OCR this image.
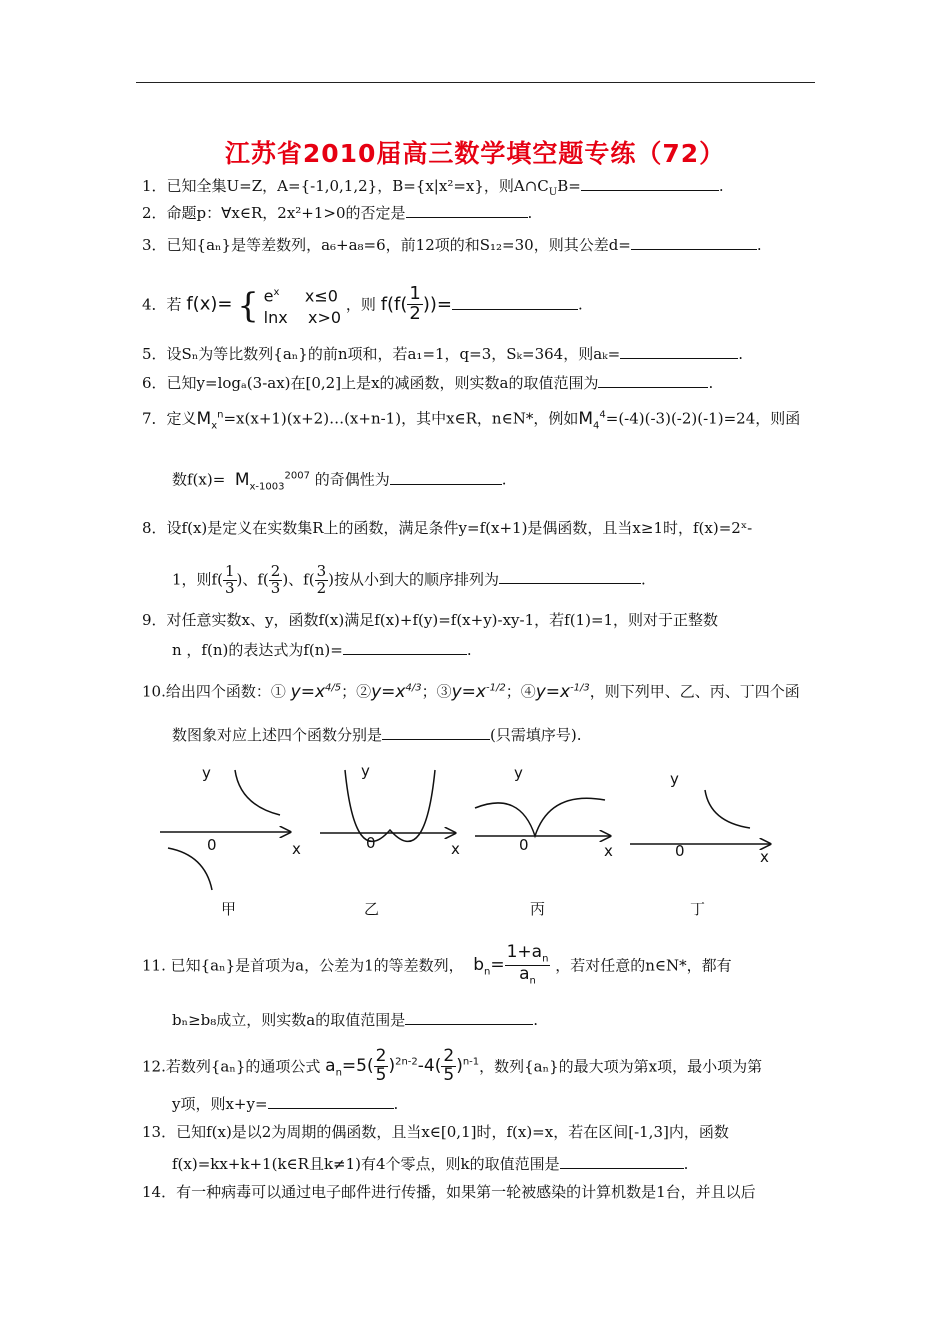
江苏省2010届高三数学填空题专练（72）
1．已知全集U=Z，A={-1,0,1,2}，B={x|x²=x}，则$A\cap C_UB=$	.
2．命题p：∀x∈R，2x²+1>0的否定是	.
3．已知{aₙ}是等差数列，a₆+a₈=6，前12项的和S₁₂=30，则其公差d=	.
4．若 f(x)= { $e^x$     x≤0
lnx    x>0
，则 $f(f( \frac{1}{2}$ ))=	.
5．设Sₙ为等比数列{aₙ}的前n项和，若a₁=1，q=3，Sₖ=364，则aₖ=	.
6．已知y=logₐ(3-ax)在[0,2]上是x的减函数，则实数a的取值范围为	.
7．定义$M_x^n=x(x+1)(x+2)\dots(x+n-1)$，其中x∈R，n∈N*，例如$M_4^4=(-4)(-3)(-2)(-1)=24$，则函
数$f(x)= M_{x-1003}^{2007}$ 的奇偶性为	.
8．设f(x)是定义在实数集R上的函数，满足条件y=f(x+1)是偶函数，且当x≥1时，f(x)=2ˣ-
1，则$f( \frac{1}{3}$ )、$f( \frac{2}{3}$ )、$f( \frac{3}{2}$ )按从小到大的顺序排列为	.
9．对任意实数x、y，函数f(x)满足f(x)+f(y)=f(x+y)-xy-1，若f(1)=1，则对于正整数
n ，f(n)的表达式为f(n)=	.
10.给出四个函数：① $y=x^{4/5}$；$②y=x^{4/3}$；$③y=x^{-1/2}$；$④y=x^{-1/3}$，则下列甲、乙、丙、丁四个函
数图象对应上述四个函数分别是	(只需填序号).
y
0	x
甲
y
0	x
乙
y
0	x
丙
y
0	x
丁
11. 已知{aₙ}是首项为a，公差为1的等差数列， $b_n= \frac{1+a_n}{a_n}$ ，若对任意的n∈N*，都有
bₙ≥b₈成立，则实数a的取值范围是	.
12.若数列{aₙ}的通项公式 $a_n=5( \frac{2}{5} )^{2n-2}-4( \frac{2}{5} )^{n-1}$，数列{aₙ}的最大项为第x项，最小项为第
y项，则x+y=	.
13．已知f(x)是以2为周期的偶函数，且当x∈[0,1]时，f(x)=x，若在区间[-1,3]内，函数
f(x)=kx+k+1(k∈R且k≠1)有4个零点，则k的取值范围是	.
14．有一种病毒可以通过电子邮件进行传播，如果第一轮被感染的计算机数是1台，并且以后
